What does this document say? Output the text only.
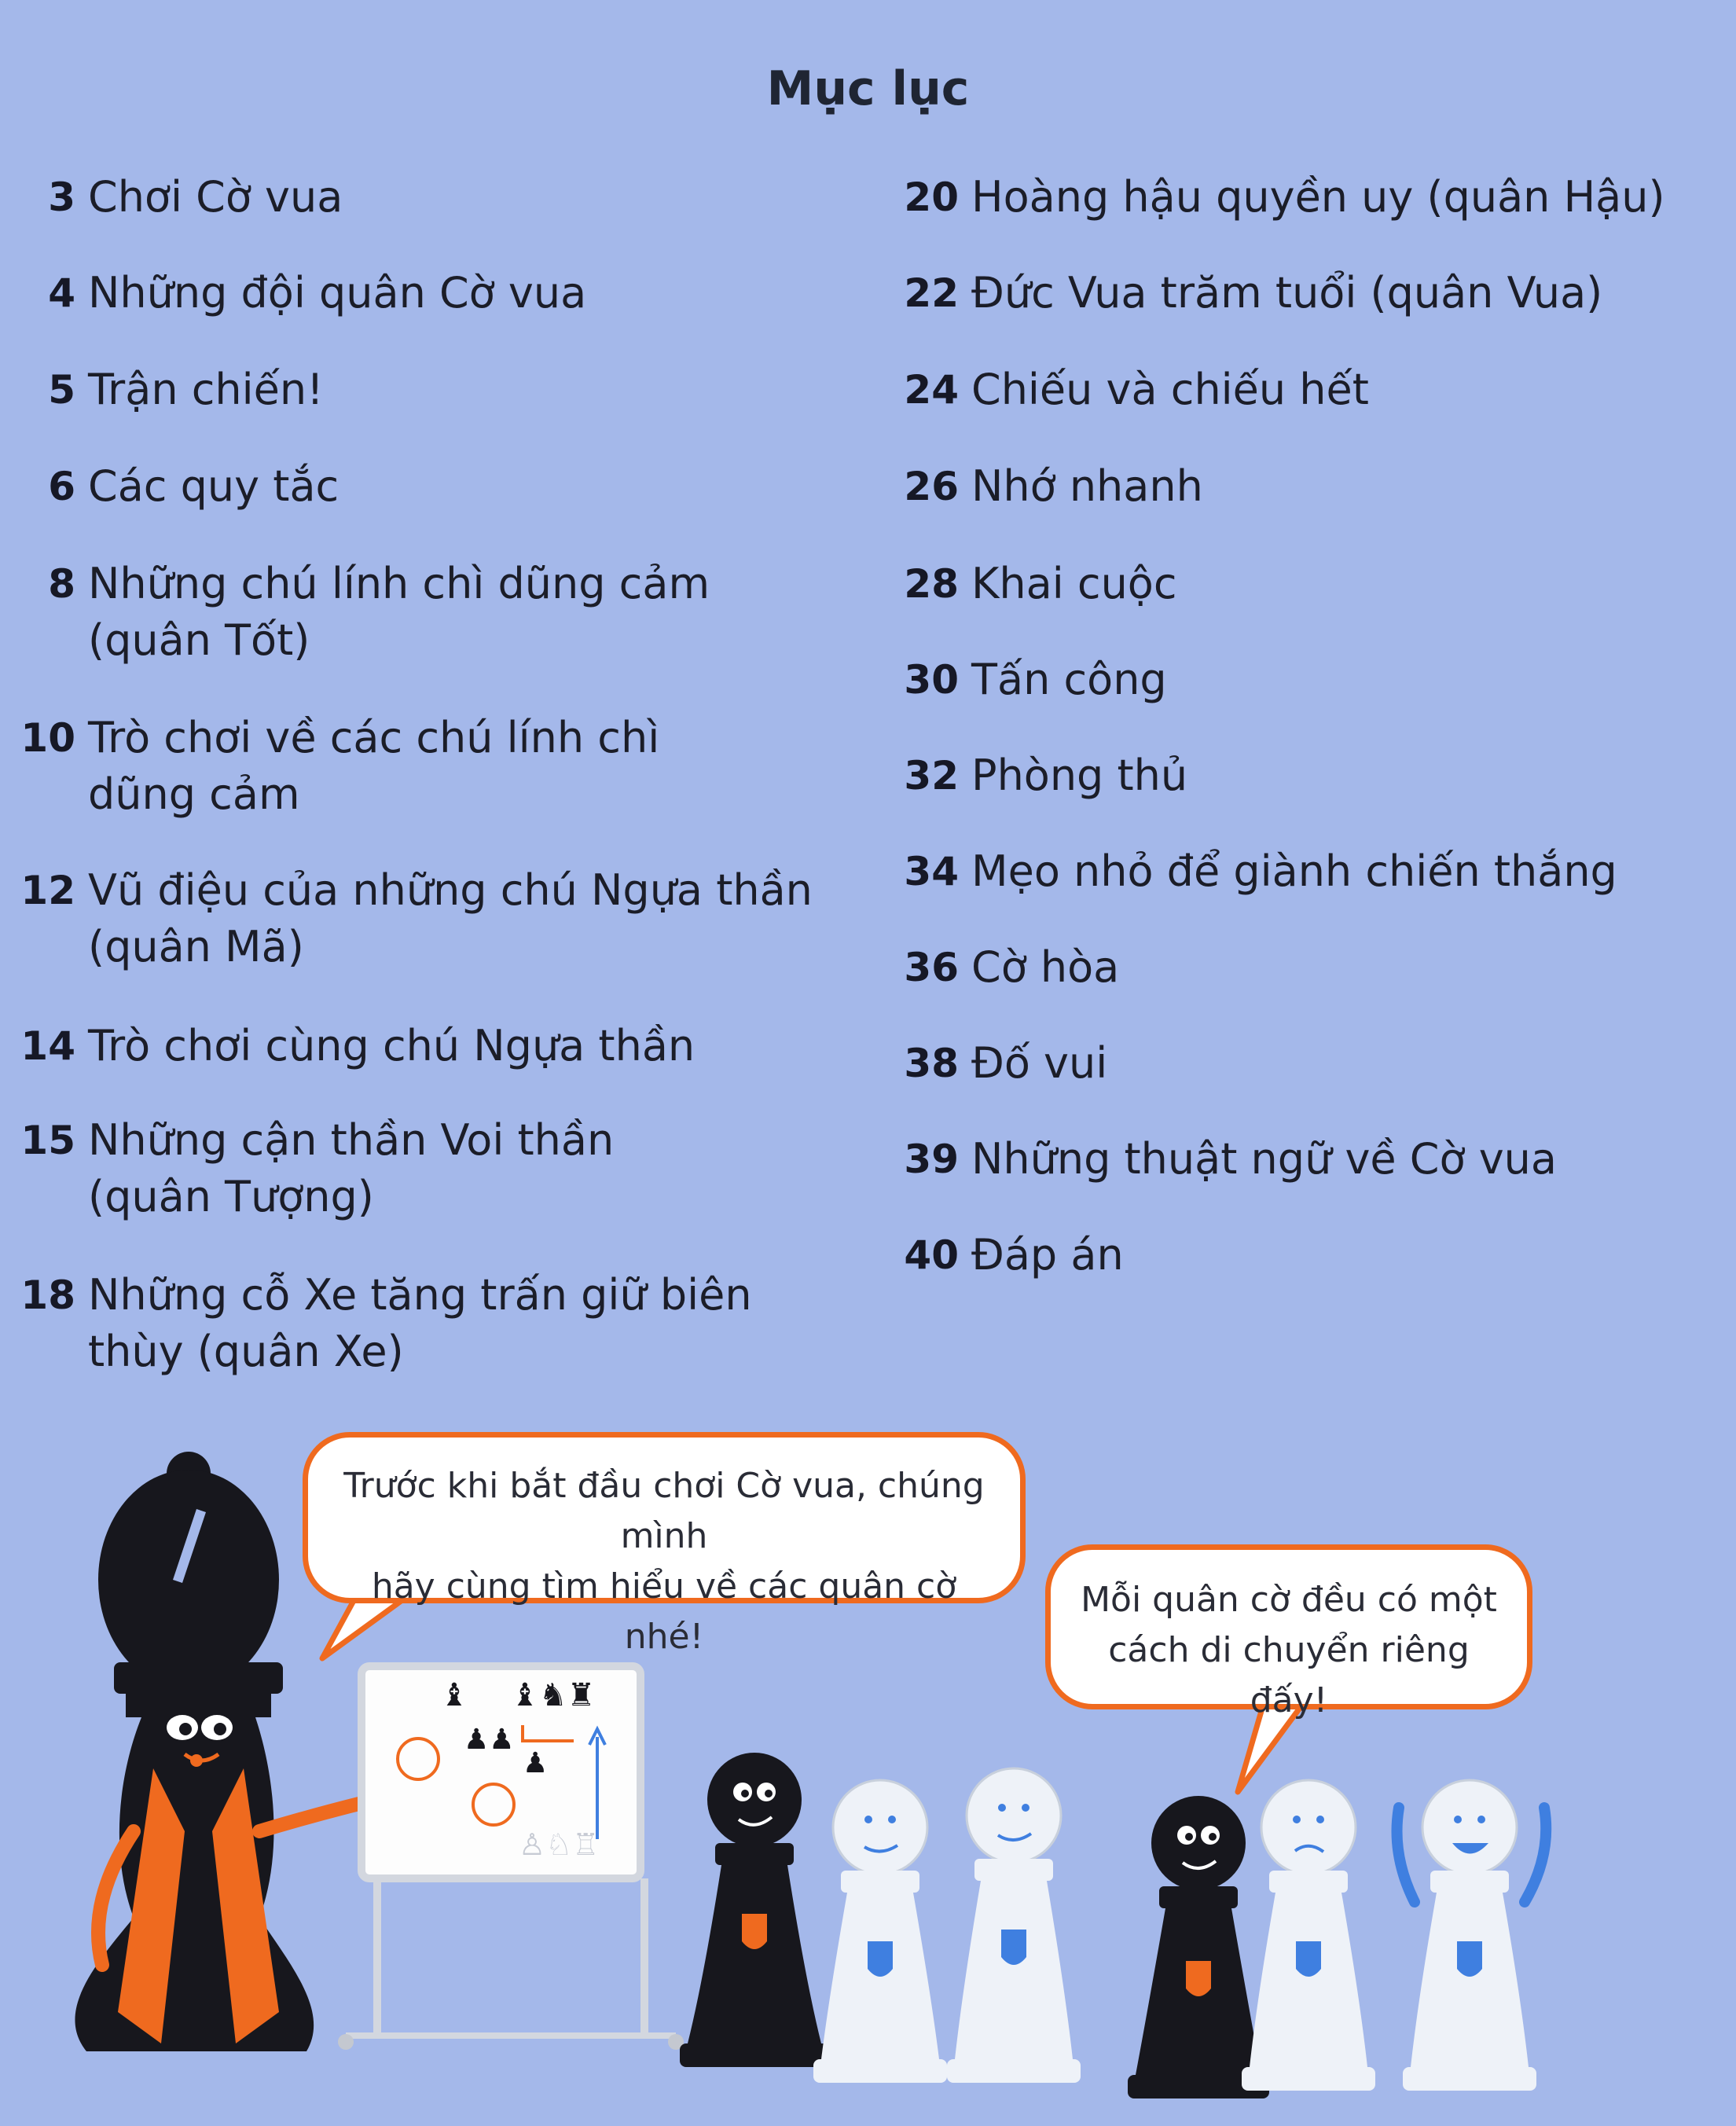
Mục lục
3 Chơi Cờ vua
4 Những đội quân Cờ vua
5 Trận chiến!
6 Các quy tắc
8 Những chú lính chì dũng cảm
(quân Tốt)
10 Trò chơi về các chú lính chì
dũng cảm
12 Vũ điệu của những chú Ngựa thần
(quân Mã)
14 Trò chơi cùng chú Ngựa thần
15 Những cận thần Voi thần
(quân Tượng)
18 Những cỗ Xe tăng trấn giữ biên
thùy (quân Xe)
20 Hoàng hậu quyền uy (quân Hậu)
22 Đức Vua trăm tuổi (quân Vua)
24 Chiếu và chiếu hết
26 Nhớ nhanh
28 Khai cuộc
30 Tấn công
32 Phòng thủ
34 Mẹo nhỏ để giành chiến thắng
36 Cờ hòa
38 Đố vui
39 Những thuật ngữ về Cờ vua
40 Đáp án
♝ ♝♞♜
♟♟
♟
♙♘♖
Trước khi bắt đầu chơi Cờ vua, chúng mình
hãy cùng tìm hiểu về các quân cờ nhé!
Mỗi quân cờ đều có một
cách di chuyển riêng đấy!
